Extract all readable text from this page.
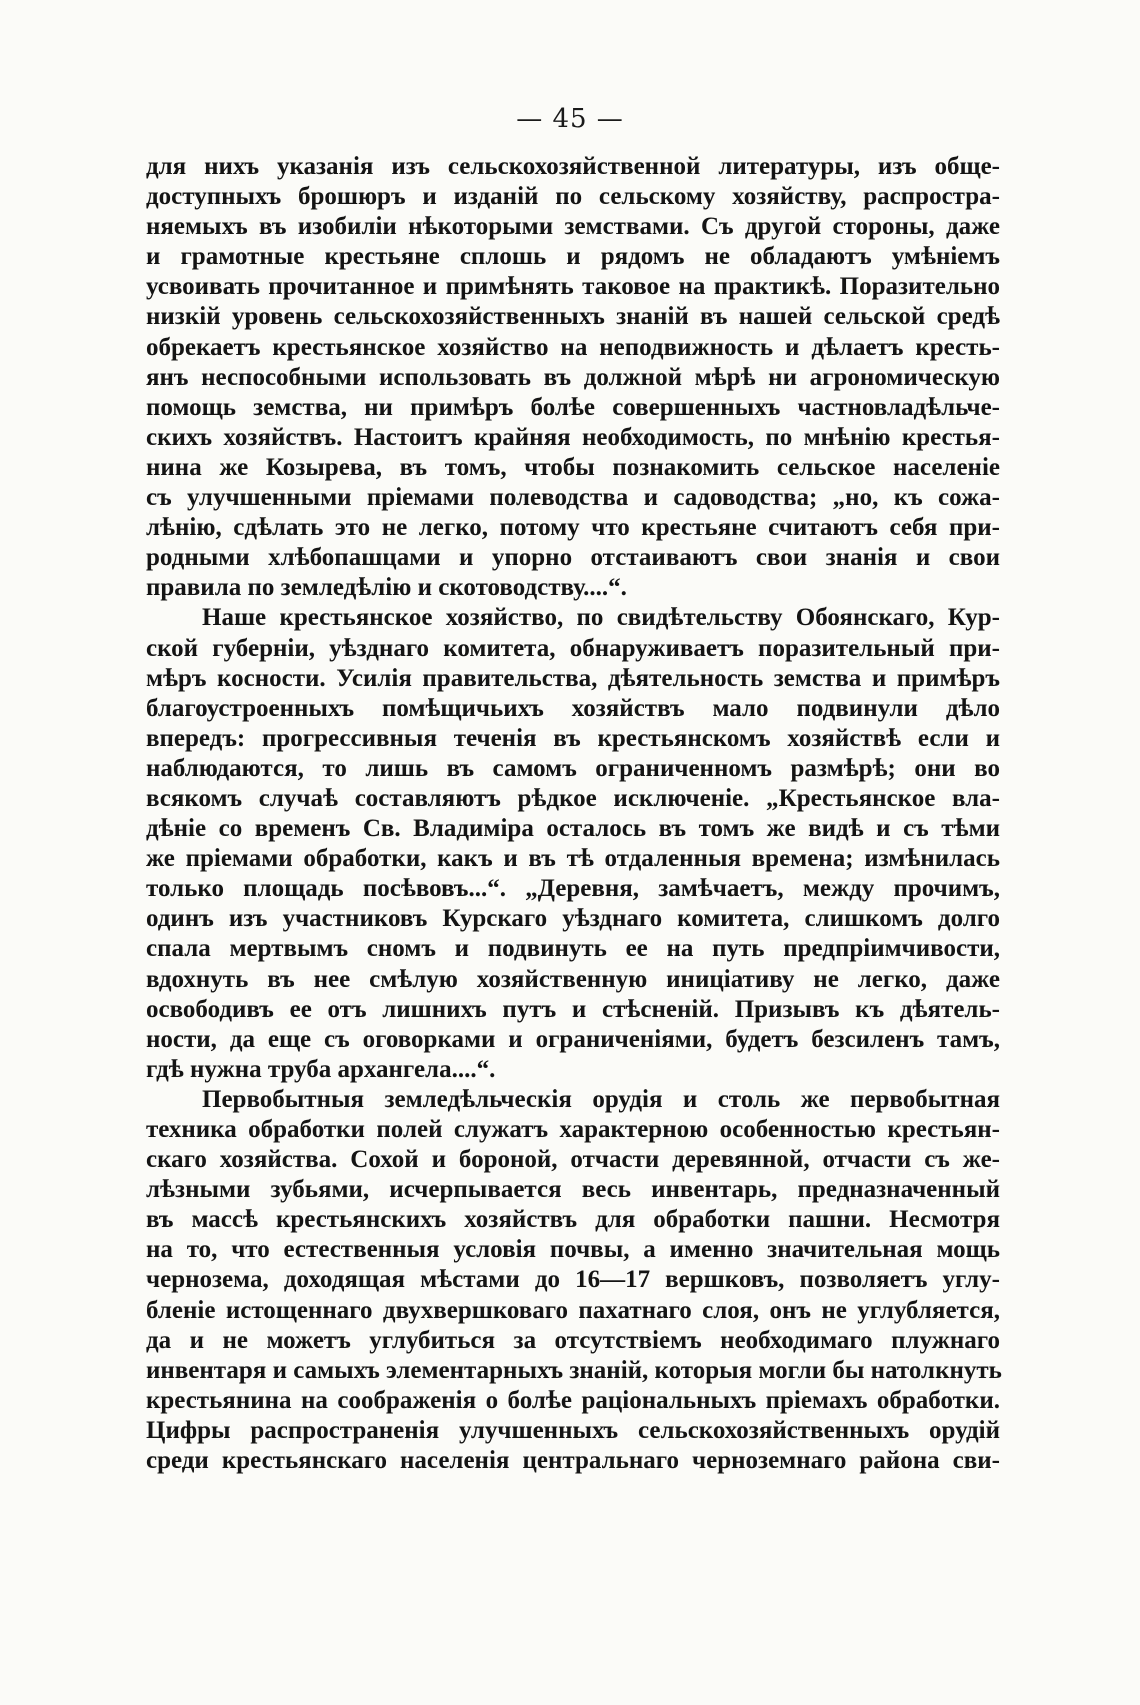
— 45 —
для нихъ указанія изъ сельскохозяйственной литературы, изъ обще-
доступныхъ брошюръ и изданій по сельскому хозяйству, распростра-
няемыхъ въ изобиліи нѣкоторыми земствами. Съ другой стороны, даже
и грамотные крестьяне сплошь и рядомъ не обладаютъ умѣніемъ
усвоивать прочитанное и примѣнять таковое на практикѣ. Поразительно
низкій уровень сельскохозяйственныхъ знаній въ нашей сельской средѣ
обрекаетъ крестьянское хозяйство на неподвижность и дѣлаетъ кресть-
янъ неспособными использовать въ должной мѣрѣ ни агрономическую
помощь земства, ни примѣръ болѣе совершенныхъ частновладѣльче-
скихъ хозяйствъ. Настоитъ крайняя необходимость, по мнѣнію крестья-
нина же Козырева, въ томъ, чтобы познакомить сельское населеніе
съ улучшенными пріемами полеводства и садоводства; „но, къ сожа-
лѣнію, сдѣлать это не легко, потому что крестьяне считаютъ себя при-
родными хлѣбопашцами и упорно отстаиваютъ свои знанія и свои
правила по земледѣлію и скотоводству....“.
Наше крестьянское хозяйство, по свидѣтельству Обоянскаго, Кур-
ской губерніи, уѣзднаго комитета, обнаруживаетъ поразительный при-
мѣръ косности. Усилія правительства, дѣятельность земства и примѣръ
благоустроенныхъ помѣщичьихъ хозяйствъ мало подвинули дѣло
впередъ: прогрессивныя теченія въ крестьянскомъ хозяйствѣ если и
наблюдаются, то лишь въ самомъ ограниченномъ размѣрѣ; они во
всякомъ случаѣ составляютъ рѣдкое исключеніе. „Крестьянское вла-
дѣніе со временъ Св. Владиміра осталось въ томъ же видѣ и съ тѣми
же пріемами обработки, какъ и въ тѣ отдаленныя времена; измѣнилась
только площадь посѣвовъ...“. „Деревня, замѣчаетъ, между прочимъ,
одинъ изъ участниковъ Курскаго уѣзднаго комитета, слишкомъ долго
спала мертвымъ сномъ и подвинуть ее на путь предпріимчивости,
вдохнуть въ нее смѣлую хозяйственную иниціативу не легко, даже
освободивъ ее отъ лишнихъ путъ и стѣсненій. Призывъ къ дѣятель-
ности, да еще съ оговорками и ограниченіями, будетъ безсиленъ тамъ,
гдѣ нужна труба архангела....“.
Первобытныя земледѣльческія орудія и столь же первобытная
техника обработки полей служатъ характерною особенностью крестьян-
скаго хозяйства. Сохой и бороной, отчасти деревянной, отчасти съ же-
лѣзными зубьями, исчерпывается весь инвентарь, предназначенный
въ массѣ крестьянскихъ хозяйствъ для обработки пашни. Несмотря
на то, что естественныя условія почвы, а именно значительная мощь
чернозема, доходящая мѣстами до 16—17 вершковъ, позволяетъ углу-
бленіе истощеннаго двухвершковаго пахатнаго слоя, онъ не углубляется,
да и не можетъ углубиться за отсутствіемъ необходимаго плужнаго
инвентаря и самыхъ элементарныхъ знаній, которыя могли бы натолкнуть
крестьянина на соображенія о болѣе раціональныхъ пріемахъ обработки.
Цифры распространенія улучшенныхъ сельскохозяйственныхъ орудій
среди крестьянскаго населенія центральнаго черноземнаго района сви-
